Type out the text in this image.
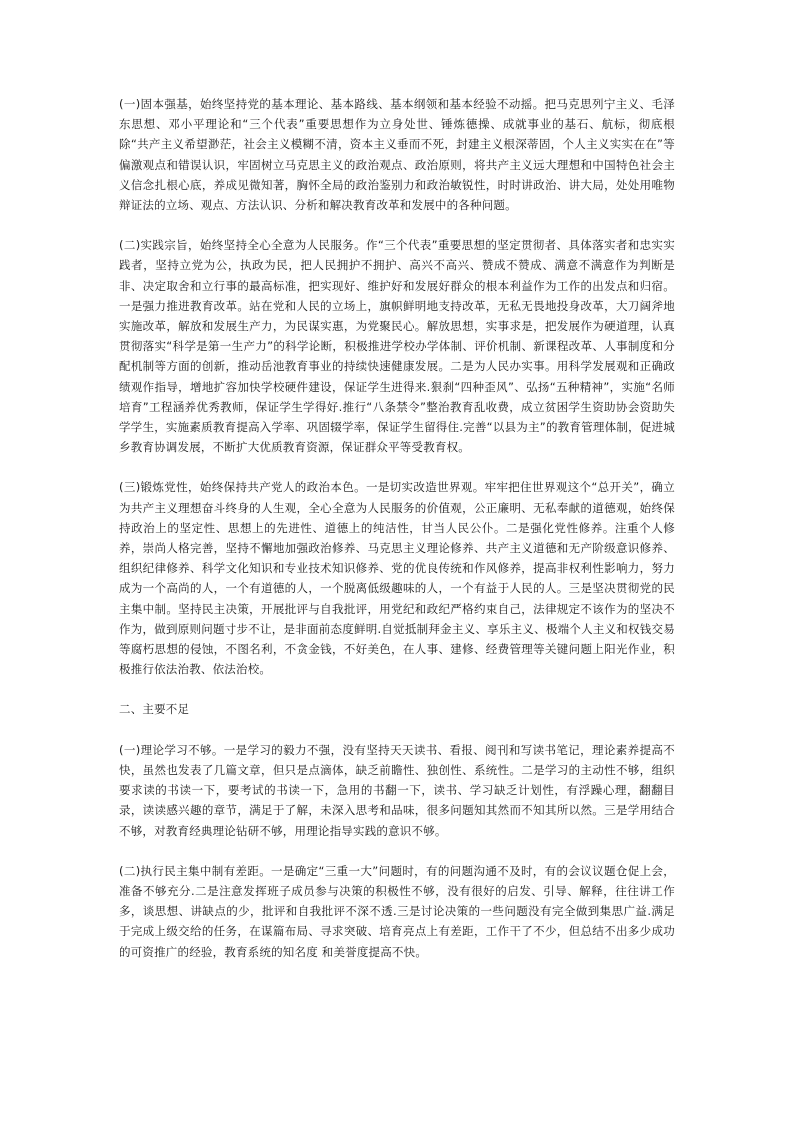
(一)固本强基，始终坚持党的基本理论、基本路线、基本纲领和基本经验不动摇。把马克思列宁主义、毛泽东思想、邓小平理论和“三个代表”重要思想作为立身处世、锤炼德操、成就事业的基石、航标，彻底根除“共产主义希望渺茫，社会主义模糊不清，资本主义垂而不死，封建主义根深蒂固，个人主义实实在在”等偏激观点和错误认识，牢固树立马克思主义的政治观点、政治原则，将共产主义远大理想和中国特色社会主义信念扎根心底，养成见微知著，胸怀全局的政治鉴别力和政治敏锐性，时时讲政治、讲大局，处处用唯物辩证法的立场、观点、方法认识、分析和解决教育改革和发展中的各种问题。

(二)实践宗旨，始终坚持全心全意为人民服务。作“三个代表”重要思想的坚定贯彻者、具体落实者和忠实实践者，坚持立党为公，执政为民，把人民拥护不拥护、高兴不高兴、赞成不赞成、满意不满意作为判断是非、决定取舍和立行事的最高标准，把实现好、维护好和发展好群众的根本利益作为工作的出发点和归宿。一是强力推进教育改革。站在党和人民的立场上，旗帜鲜明地支持改革，无私无畏地投身改革，大刀阔斧地实施改革，解放和发展生产力，为民谋实惠，为党聚民心。解放思想，实事求是，把发展作为硬道理，认真贯彻落实“科学是第一生产力”的科学论断，积极推进学校办学体制、评价机制、新课程改革、人事制度和分配机制等方面的创新，推动岳池教育事业的持续快速健康发展。二是为人民办实事。用科学发展观和正确政绩观作指导，增地扩容加快学校硬件建设，保证学生进得来.狠刹“四种歪风”、弘扬“五种精神”，实施“名师培育”工程涵养优秀教师，保证学生学得好.推行“八条禁令”整治教育乱收费，成立贫困学生资助协会资助失学学生，实施素质教育提高入学率、巩固辍学率，保证学生留得住.完善“以县为主”的教育管理体制，促进城乡教育协调发展，不断扩大优质教育资源，保证群众平等受教育权。

(三)锻炼党性，始终保持共产党人的政治本色。一是切实改造世界观。牢牢把住世界观这个“总开关”，确立为共产主义理想奋斗终身的人生观，全心全意为人民服务的价值观，公正廉明、无私奉献的道德观，始终保持政治上的坚定性、思想上的先进性、道德上的纯洁性，甘当人民公仆。二是强化党性修养。注重个人修养，崇尚人格完善，坚持不懈地加强政治修养、马克思主义理论修养、共产主义道德和无产阶级意识修养、组织纪律修养、科学文化知识和专业技术知识修养、党的优良传统和作风修养，提高非权利性影响力，努力成为一个高尚的人，一个有道德的人，一个脱离低级趣味的人，一个有益于人民的人。三是坚决贯彻党的民主集中制。坚持民主决策，开展批评与自我批评，用党纪和政纪严格约束自己，法律规定不该作为的坚决不作为，做到原则问题寸步不让，是非面前态度鲜明.自觉抵制拜金主义、享乐主义、极端个人主义和权钱交易等腐朽思想的侵蚀，不图名利，不贪金钱，不好美色，在人事、建修、经费管理等关键问题上阳光作业，积极推行依法治教、依法治校。

二、主要不足

(一)理论学习不够。一是学习的毅力不强，没有坚持天天读书、看报、阅刊和写读书笔记，理论素养提高不快，虽然也发表了几篇文章，但只是点滴体，缺乏前瞻性、独创性、系统性。二是学习的主动性不够，组织要求读的书读一下，要考试的书读一下，急用的书翻一下，读书、学习缺乏计划性，有浮躁心理，翻翻目录，读读感兴趣的章节，满足于了解，未深入思考和品味，很多问题知其然而不知其所以然。三是学用结合不够，对教育经典理论钻研不够，用理论指导实践的意识不够。

(二)执行民主集中制有差距。一是确定“三重一大”问题时，有的问题沟通不及时，有的会议议题仓促上会，准备不够充分.二是注意发挥班子成员参与决策的积极性不够，没有很好的启发、引导、解释，往往讲工作多，谈思想、讲缺点的少，批评和自我批评不深不透.三是讨论决策的一些问题没有完全做到集思广益.满足于完成上级交给的任务，在谋篇布局、寻求突破、培育亮点上有差距，工作干了不少，但总结不出多少成功的可资推广的经验，教育系统的知名度 和美誉度提高不快。
